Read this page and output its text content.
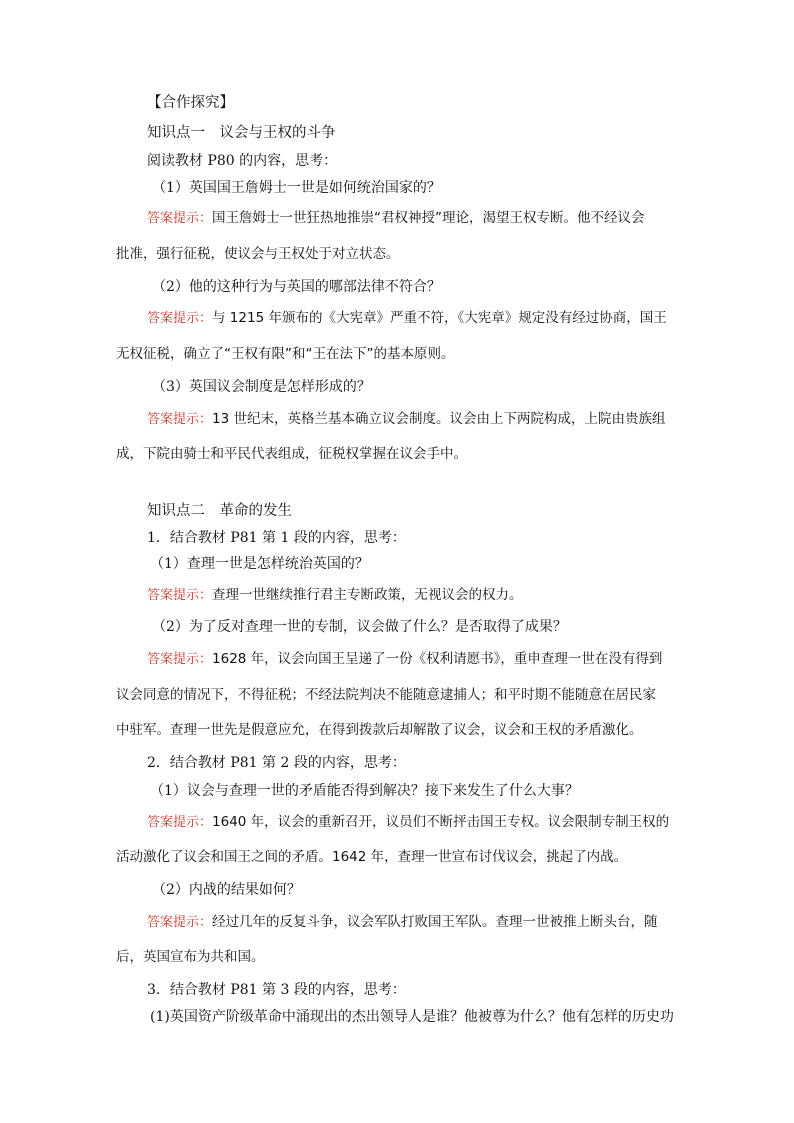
【合作探究】
知识点一　议会与王权的斗争
阅读教材 P80 的内容，思考：
（1）英国国王詹姆士一世是如何统治国家的？
答案提示：国王詹姆士一世狂热地推崇“君权神授”理论，渴望王权专断。他不经议会
批准，强行征税，使议会与王权处于对立状态。
（2）他的这种行为与英国的哪部法律不符合？
答案提示：与 1215 年颁布的《大宪章》严重不符，《大宪章》规定没有经过协商，国王
无权征税，确立了“王权有限”和“王在法下”的基本原则。
（3）英国议会制度是怎样形成的？
答案提示：13 世纪末，英格兰基本确立议会制度。议会由上下两院构成，上院由贵族组
成，下院由骑士和平民代表组成，征税权掌握在议会手中。
知识点二　革命的发生
1．结合教材 P81 第 1 段的内容，思考：
（1）查理一世是怎样统治英国的？
答案提示：查理一世继续推行君主专断政策，无视议会的权力。
（2）为了反对查理一世的专制，议会做了什么？是否取得了成果？
答案提示：1628 年，议会向国王呈递了一份《权利请愿书》，重申查理一世在没有得到
议会同意的情况下，不得征税；不经法院判决不能随意逮捕人；和平时期不能随意在居民家
中驻军。查理一世先是假意应允，在得到拨款后却解散了议会，议会和王权的矛盾激化。
2．结合教材 P81 第 2 段的内容，思考：
（1）议会与查理一世的矛盾能否得到解决？接下来发生了什么大事？
答案提示：1640 年，议会的重新召开，议员们不断抨击国王专权。议会限制专制王权的
活动激化了议会和国王之间的矛盾。1642 年，查理一世宣布讨伐议会，挑起了内战。
（2）内战的结果如何？
答案提示：经过几年的反复斗争，议会军队打败国王军队。查理一世被推上断头台，随
后，英国宣布为共和国。
3．结合教材 P81 第 3 段的内容，思考：
(1)英国资产阶级革命中涌现出的杰出领导人是谁？他被尊为什么？他有怎样的历史功
